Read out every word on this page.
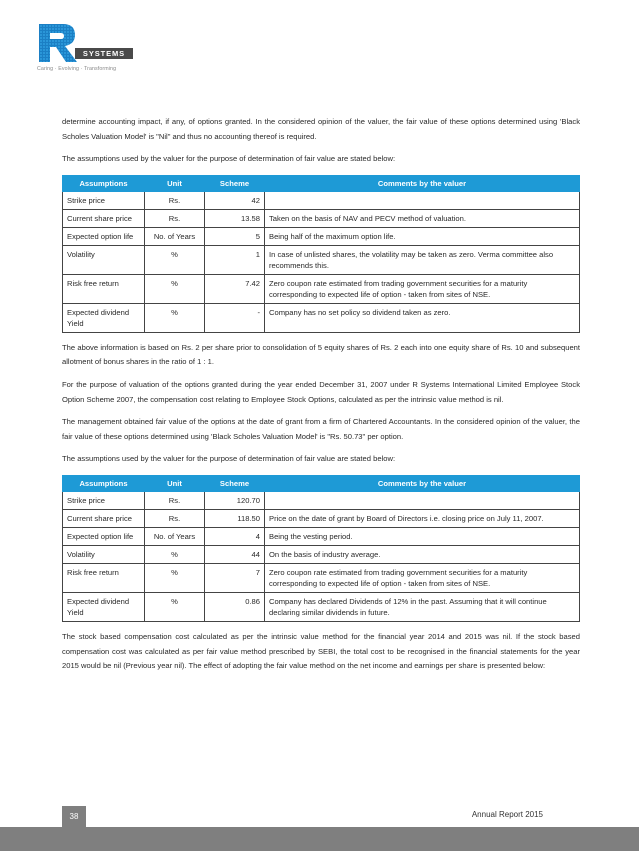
SYSTEMS
Caring · Evolving · Transforming

determine accounting impact, if any, of options granted. In the considered opinion of the valuer, the fair value of these options determined using 'Black Scholes Valuation Model' is "Nil" and thus no accounting thereof is required.

The assumptions used by the valuer for the purpose of determination of fair value are stated below:

Assumptions	Unit	Scheme	Comments by the valuer
Strike price	Rs.	42	
Current share price	Rs.	13.58	Taken on the basis of NAV and PECV method of valuation.
Expected option life	No. of Years	5	Being half of the maximum option life.
Volatility	%	1	In case of unlisted shares, the volatility may be taken as zero. Verma committee also recommends this.
Risk free return	%	7.42	Zero coupon rate estimated from trading government securities for a maturity corresponding to expected life of option - taken from sites of NSE.
Expected dividend Yield	%	-	Company has no set policy so dividend taken as zero.

The above information is based on Rs. 2 per share prior to consolidation of 5 equity shares of Rs. 2 each into one equity share of Rs. 10 and subsequent allotment of bonus shares in the ratio of 1 : 1.

For the purpose of valuation of the options granted during the year ended December 31, 2007 under R Systems International Limited Employee Stock Option Scheme 2007, the compensation cost relating to Employee Stock Options, calculated as per the intrinsic value method is nil.

The management obtained fair value of the options at the date of grant from a firm of Chartered Accountants. In the considered opinion of the valuer, the fair value of these options determined using 'Black Scholes Valuation Model' is "Rs. 50.73" per option.

The assumptions used by the valuer for the purpose of determination of fair value are stated below:

Assumptions	Unit	Scheme	Comments by the valuer
Strike price	Rs.	120.70	
Current share price	Rs.	118.50	Price on the date of grant by Board of Directors i.e. closing price on July 11, 2007.
Expected option life	No. of Years	4	Being the vesting period.
Volatility	%	44	On the basis of industry average.
Risk free return	%	7	Zero coupon rate estimated from trading government securities for a maturity corresponding to expected life of option - taken from sites of NSE.
Expected dividend Yield	%	0.86	Company has declared Dividends of 12% in the past. Assuming that it will continue declaring similar dividends in future.

The stock based compensation cost calculated as per the intrinsic value method for the financial year 2014 and 2015 was nil. If the stock based compensation cost was calculated as per fair value method prescribed by SEBI, the total cost to be recognised in the financial statements for the year 2015 would be nil (Previous year nil). The effect of adopting the fair value method on the net income and earnings per share is presented below:

38	Annual Report 2015
